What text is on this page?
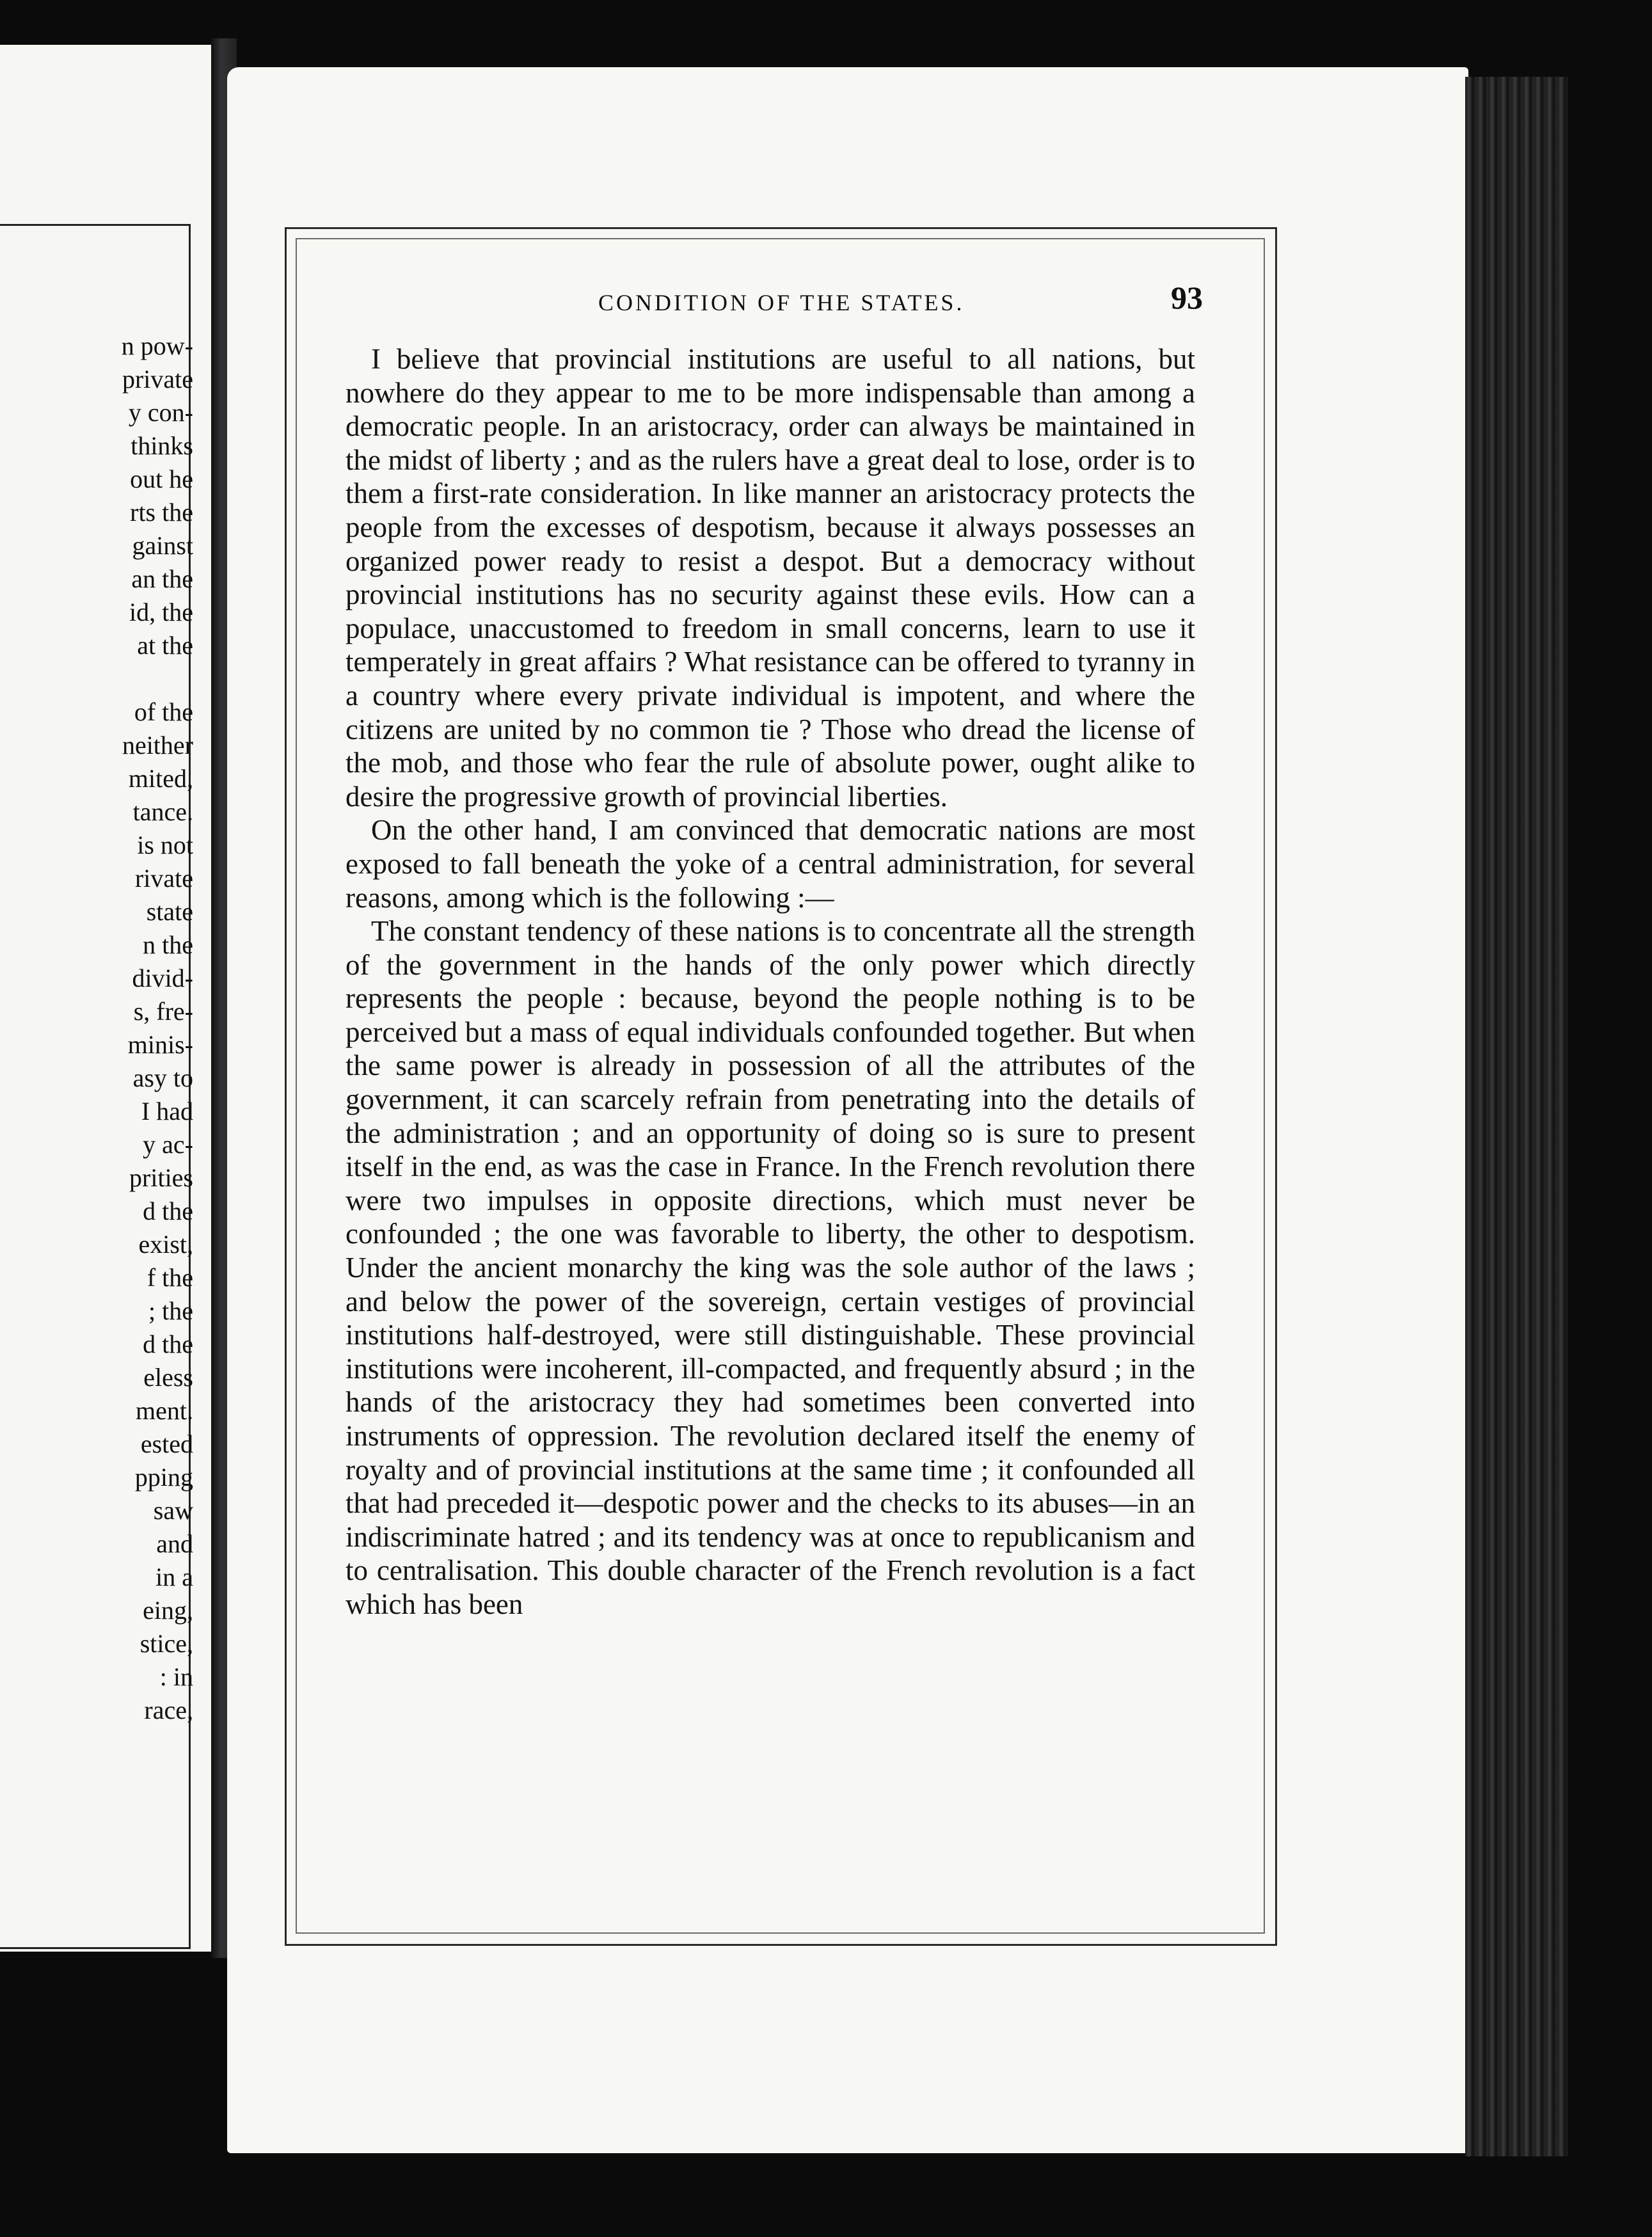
n pow-
private
y con-
thinks
out he
rts the
gainst
an the
id, the
at the
of the
neither
mited,
tance.
is not
rivate
state
n the
divid-
s, fre-
minis-
asy to
I had
y ac-
prities
d the
exist,
f the
; the
d the
eless
ment.
ested
pping
saw
and
in a
eing,
stice,
: in
race,
CONDITION OF THE STATES.	93

I believe that provincial institutions are useful to all nations, but nowhere do they appear to me to be more indispensable than among a democratic people. In an aristocracy, order can always be maintained in the midst of liberty ; and as the rulers have a great deal to lose, order is to them a first-rate consideration. In like manner an aristocracy protects the people from the excesses of despotism, because it always possesses an organized power ready to resist a despot. But a democracy without provincial institutions has no security against these evils. How can a populace, unaccustomed to freedom in small concerns, learn to use it temperately in great affairs ? What resistance can be offered to tyranny in a country where every private individual is impotent, and where the citizens are united by no common tie ? Those who dread the license of the mob, and those who fear the rule of absolute power, ought alike to desire the progressive growth of provincial liberties.

On the other hand, I am convinced that democratic nations are most exposed to fall beneath the yoke of a central administration, for several reasons, among which is the following :—

The constant tendency of these nations is to concentrate all the strength of the government in the hands of the only power which directly represents the people : because, beyond the people nothing is to be perceived but a mass of equal individuals confounded together. But when the same power is already in possession of all the attributes of the government, it can scarcely refrain from penetrating into the details of the administration ; and an opportunity of doing so is sure to present itself in the end, as was the case in France. In the French revolution there were two impulses in opposite directions, which must never be confounded ; the one was favorable to liberty, the other to despotism. Under the ancient monarchy the king was the sole author of the laws ; and below the power of the sovereign, certain vestiges of provincial institutions half-destroyed, were still distinguishable. These provincial institutions were incoherent, ill-compacted, and frequently absurd ; in the hands of the aristocracy they had sometimes been converted into instruments of oppression. The revolution declared itself the enemy of royalty and of provincial institutions at the same time ; it confounded all that had preceded it—despotic power and the checks to its abuses—in an indiscriminate hatred ; and its tendency was at once to republicanism and to centralisation. This double character of the French revolution is a fact which has been
